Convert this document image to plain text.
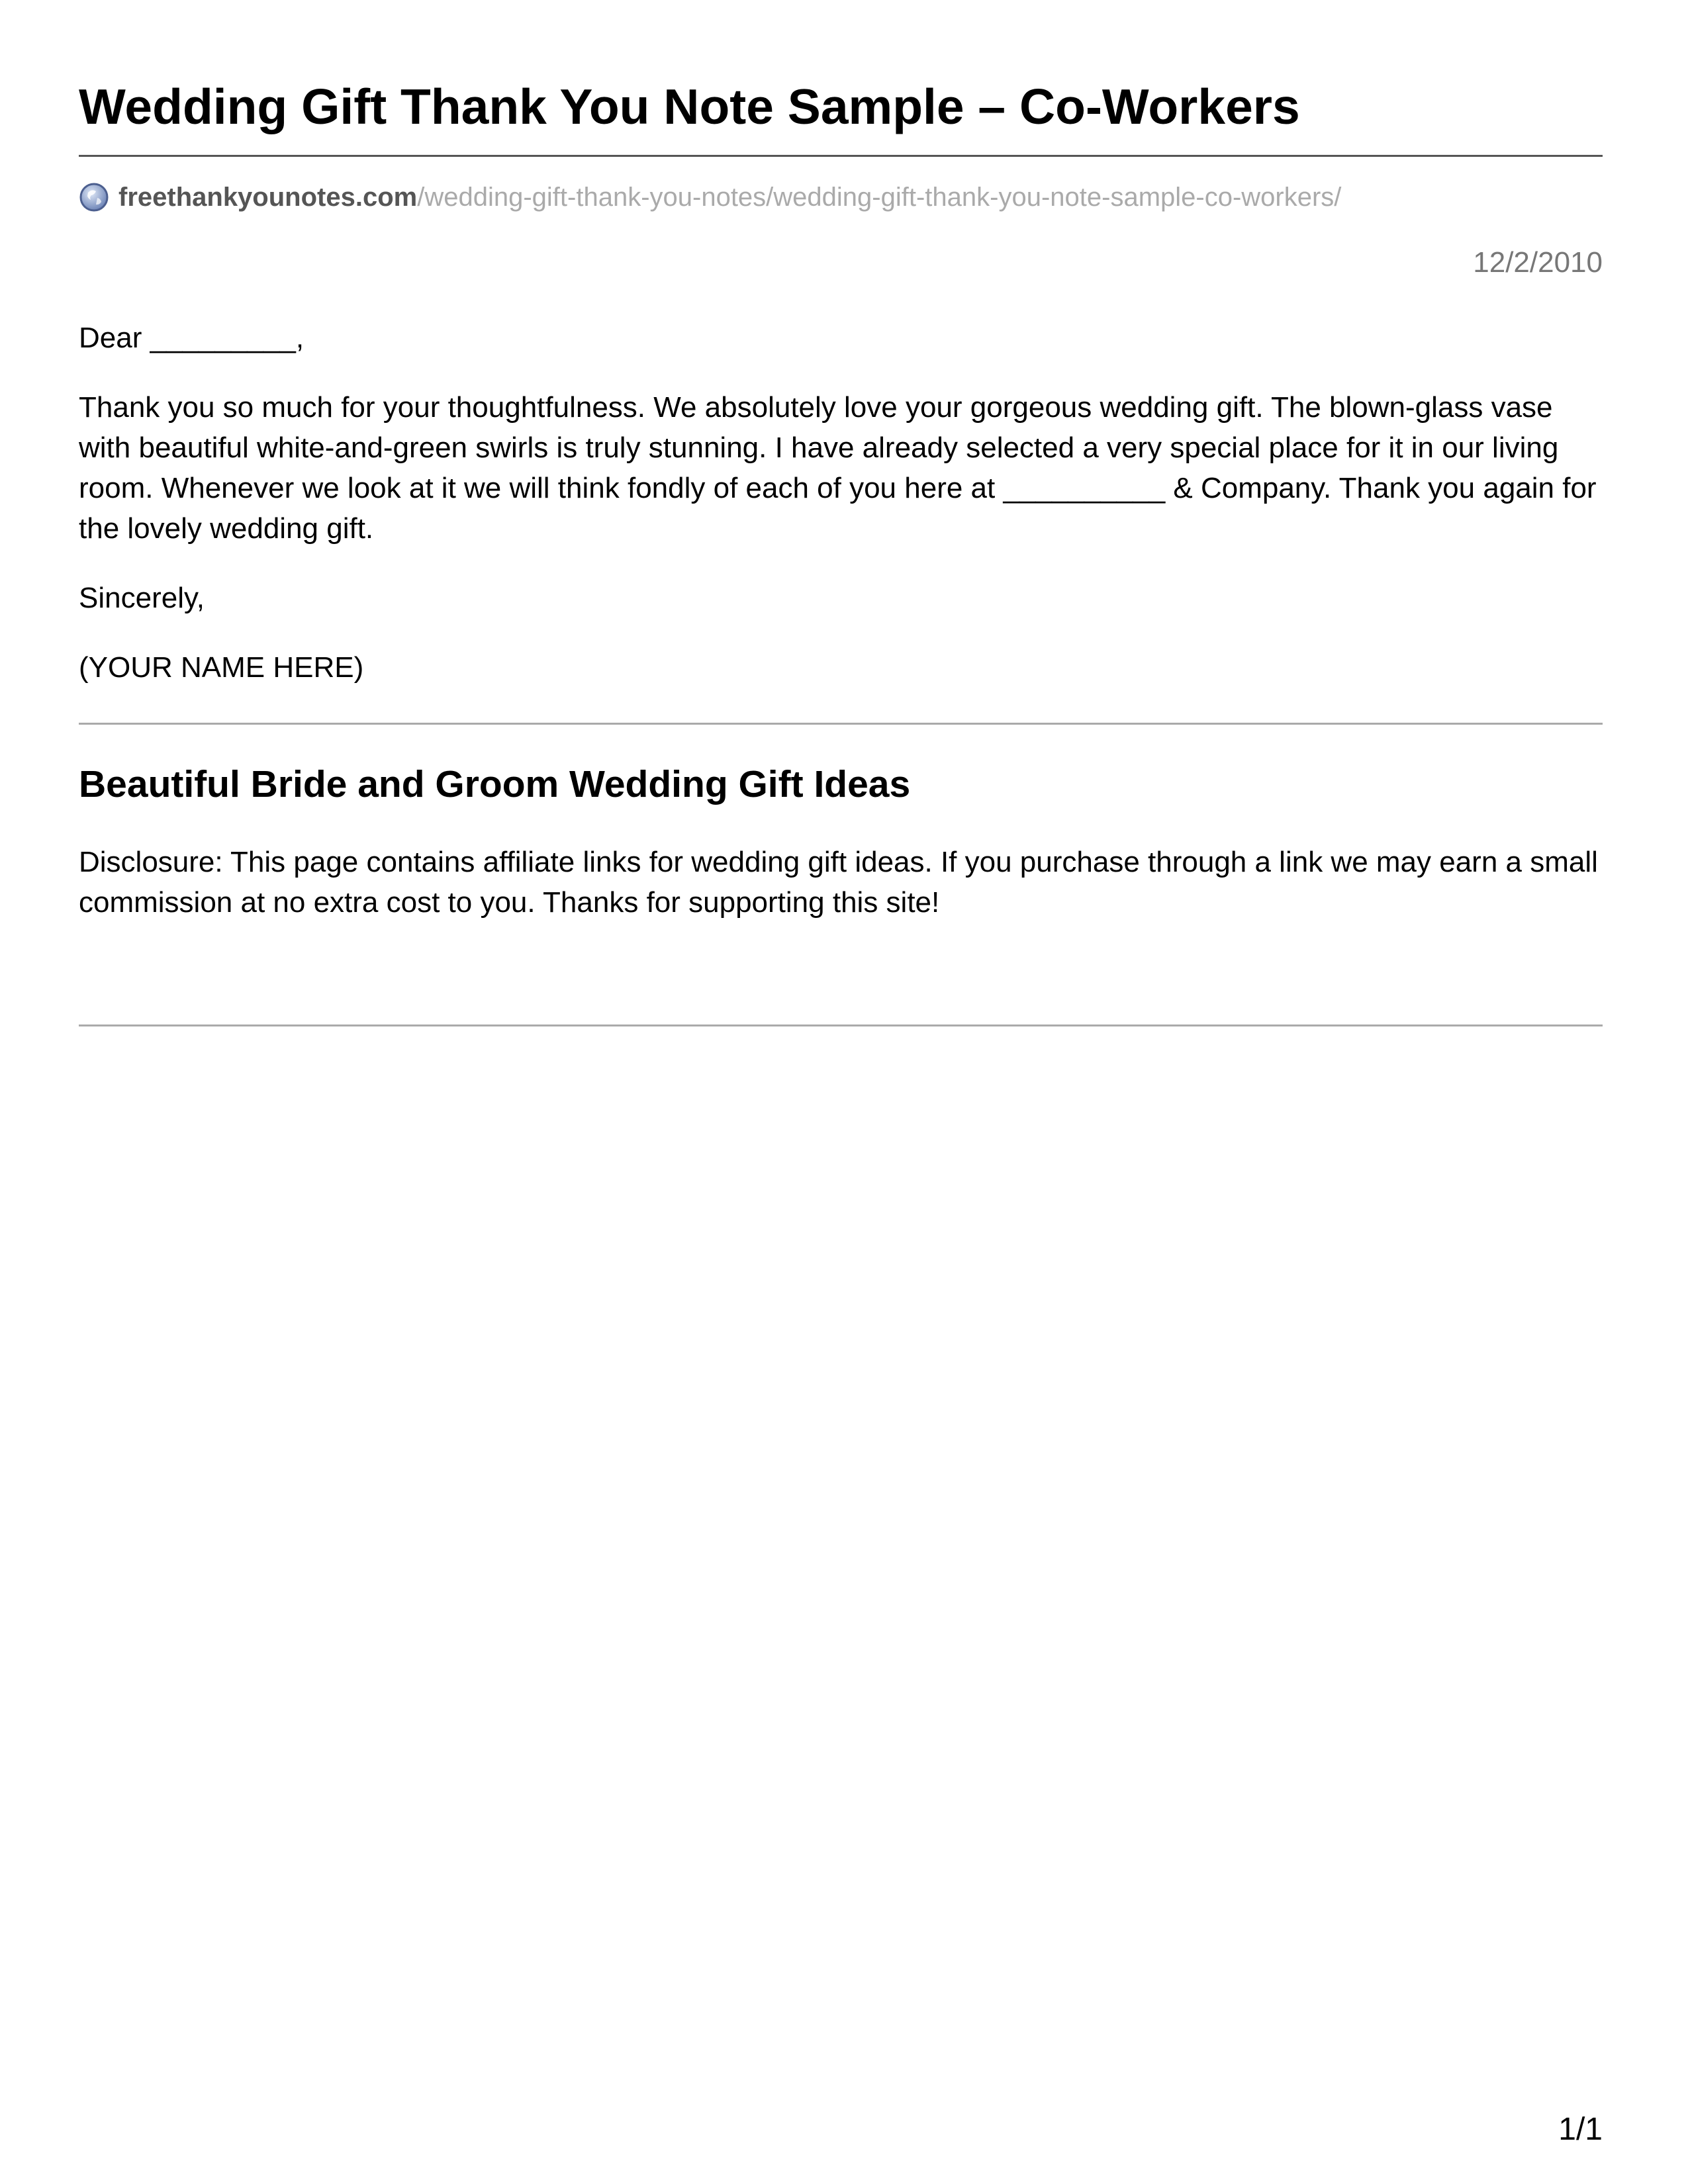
Wedding Gift Thank You Note Sample – Co-Workers
freethankyounotes.com /wedding-gift-thank-you-notes/wedding-gift-thank-you-note-sample-co-workers/
12/2/2010

Dear _________,

Thank you so much for your thoughtfulness. We absolutely love your gorgeous wedding gift. The blown-glass vase with beautiful white-and-green swirls is truly stunning. I have already selected a very special place for it in our living room. Whenever we look at it we will think fondly of each of you here at __________ & Company. Thank you again for the lovely wedding gift.

Sincerely,

(YOUR NAME HERE)

Beautiful Bride and Groom Wedding Gift Ideas

Disclosure: This page contains affiliate links for wedding gift ideas. If you purchase through a link we may earn a small commission at no extra cost to you. Thanks for supporting this site!

1/1
